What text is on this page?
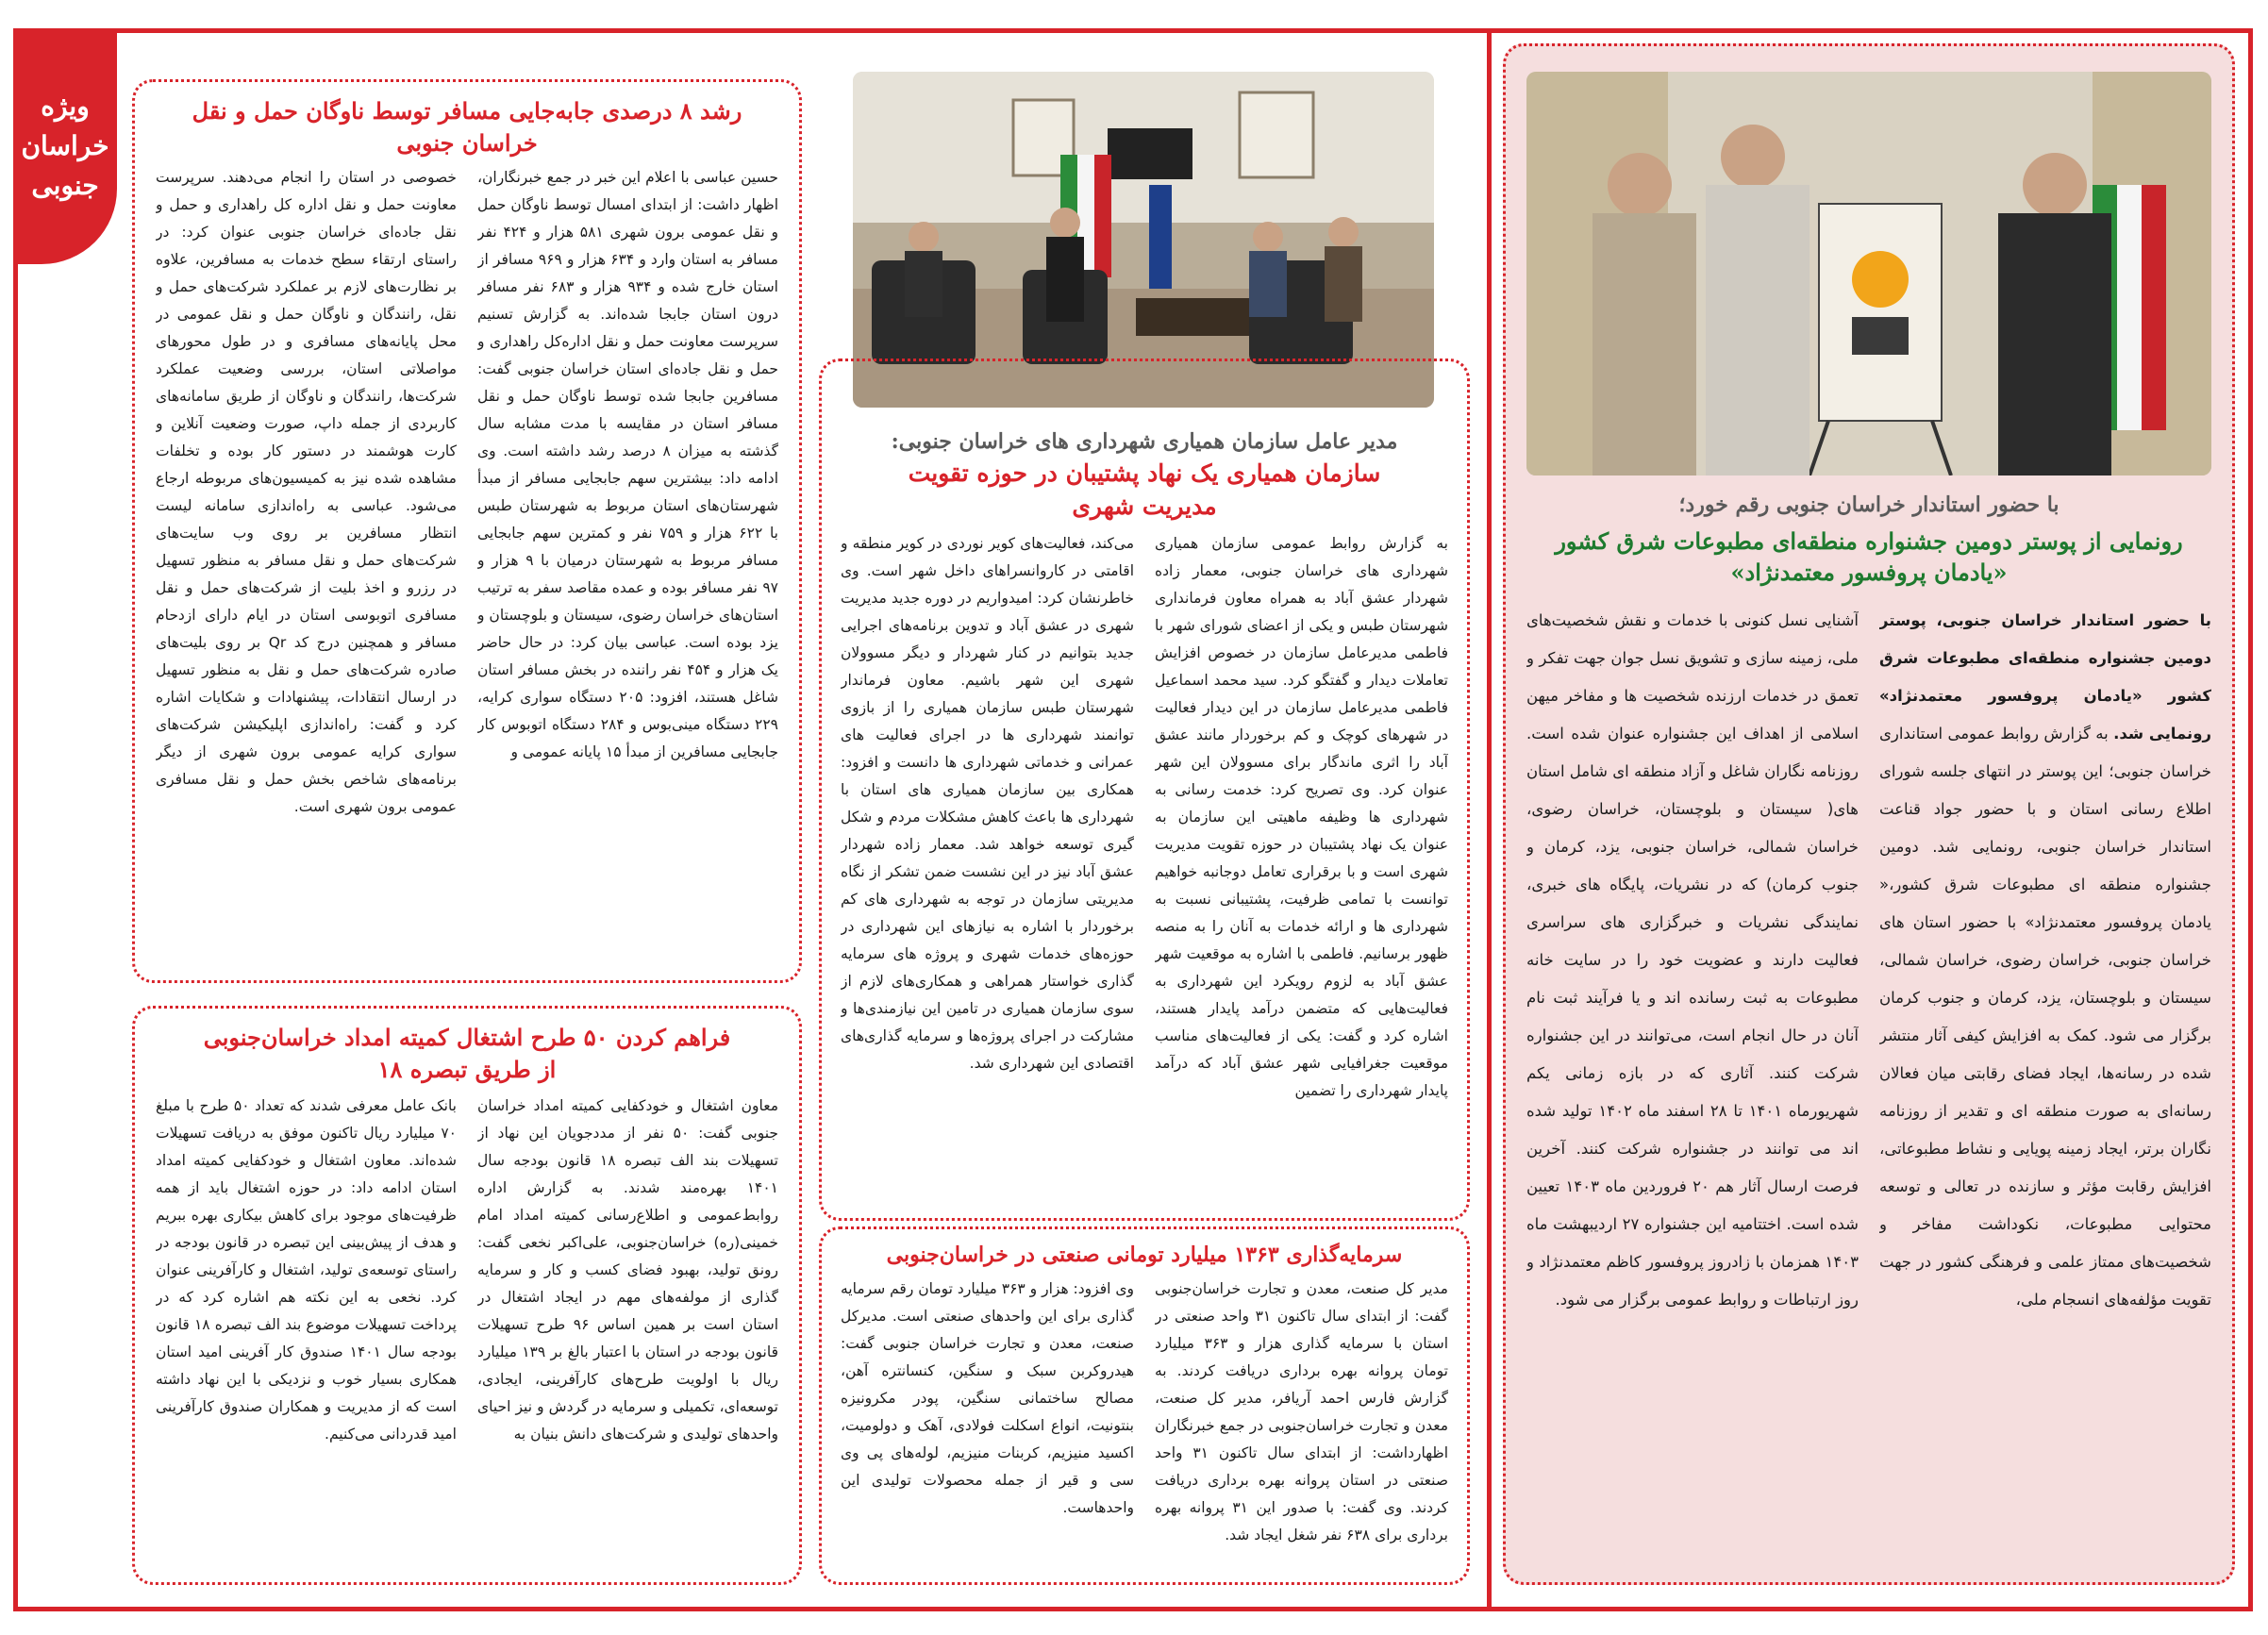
ویژه
خراسان
جنوبی
رشد ۸ درصدی جابه‌جایی مسافر توسط ناوگان حمل و نقل
خراسان جنوبی
حسین عباسی با اعلام این خبر در جمع خبرنگاران، اظهار داشت: از ابتدای امسال توسط ناوگان حمل و نقل عمومی برون شهری ۵۸۱ هزار و ۴۲۴ نفر مسافر به استان وارد و ۶۳۴ هزار و ۹۶۹ مسافر از استان خارج شده و ۹۳۴ هزار و ۶۸۳ نفر مسافر درون استان جابجا شده‌اند. به گزارش تسنیم سرپرست معاونت حمل و نقل اداره‌کل راهداری و حمل و نقل جاده‌ای استان خراسان جنوبی گفت: مسافرین جابجا شده توسط ناوگان حمل و نقل مسافر استان در مقایسه با مدت مشابه سال گذشته به میزان ۸ درصد رشد داشته است. وی ادامه داد: بیشترین سهم جابجایی مسافر از مبدأ شهرستان‌های استان مربوط به شهرستان طبس با ۶۲۲ هزار و ۷۵۹ نفر و کمترین سهم جابجایی مسافر مربوط به شهرستان درمیان با ۹ هزار و ۹۷ نفر مسافر بوده و عمده مقاصد سفر به ترتیب استان‌های خراسان رضوی، سیستان و بلوچستان و یزد بوده است. عباسی بیان کرد: در حال حاضر یک هزار و ۴۵۴ نفر راننده در بخش مسافر استان شاغل هستند، افزود: ۲۰۵ دستگاه سواری کرایه، ۲۲۹ دستگاه مینی‌بوس و ۲۸۴ دستگاه اتوبوس کار جابجایی مسافرین از مبدأ ۱۵ پایانه عمومی و
خصوصی در استان را انجام می‌دهند. سرپرست معاونت حمل و نقل اداره کل راهداری و حمل و نقل جاده‌ای خراسان جنوبی عنوان کرد: در راستای ارتقاء سطح خدمات به مسافرین، علاوه بر نظارت‌های لازم بر عملکرد شرکت‌های حمل و نقل، رانندگان و ناوگان حمل و نقل عمومی در محل پایانه‌های مسافری و در طول محورهای مواصلاتی استان، بررسی وضعیت عملکرد شرکت‌ها، رانندگان و ناوگان از طریق سامانه‌های کاربردی از جمله داپ، صورت وضعیت آنلاین و کارت هوشمند در دستور کار بوده و تخلفات مشاهده شده نیز به کمیسیون‌های مربوطه ارجاع می‌شود. عباسی به راه‌اندازی سامانه لیست انتظار مسافرین بر روی وب سایت‌های شرکت‌های حمل و نقل مسافر به منظور تسهیل در رزرو و اخذ بلیت از شرکت‌های حمل و نقل مسافری اتوبوسی استان در ایام دارای ازدحام مسافر و همچنین درج کد Qr بر روی بلیت‌های صادره شرکت‌های حمل و نقل به منظور تسهیل در ارسال انتقادات، پیشنهادات و شکایات اشاره کرد و گفت: راه‌اندازی اپلیکیشن شرکت‌های سواری کرایه عمومی برون شهری از دیگر برنامه‌های شاخص بخش حمل و نقل مسافری عمومی برون شهری است.
فراهم کردن ۵۰ طرح اشتغال کمیته امداد خراسان‌جنوبی
از طریق تبصره ۱۸
معاون اشتغال و خودکفایی کمیته امداد خراسان جنوبی گفت: ۵۰ نفر از مددجویان این نهاد از تسهیلات بند الف تبصره ۱۸ قانون بودجه سال ۱۴۰۱ بهره‌مند شدند. به گزارش اداره روابط‌عمومی و اطلاع‌رسانی کمیته امداد امام خمینی(ره) خراسان‌جنوبی، علی‌اکبر نخعی گفت: رونق تولید، بهبود فضای کسب و کار و سرمایه گذاری از مولفه‌های مهم در ایجاد اشتغال در استان است بر همین اساس ۹۶ طرح تسهیلات قانون بودجه در استان با اعتبار بالغ بر ۱۳۹ میلیارد ریال با اولویت طرح‌های کارآفرینی، ایجادی، توسعه‌ای، تکمیلی و سرمایه در گردش و نیز احیای واحدهای تولیدی و شرکت‌های دانش بنیان به
بانک عامل معرفی شدند که تعداد ۵۰ طرح با مبلغ ۷۰ میلیارد ریال تاکنون موفق به دریافت تسهیلات شده‌اند. معاون اشتغال و خودکفایی کمیته امداد استان ادامه داد: در حوزه اشتغال باید از همه ظرفیت‌های موجود برای کاهش بیکاری بهره ببریم و هدف از پیش‌بینی این تبصره در قانون بودجه در راستای توسعه‌ی تولید، اشتغال و کارآفرینی عنوان کرد. نخعی به این نکته هم اشاره کرد که در پرداخت تسهیلات موضوع بند الف تبصره ۱۸ قانون بودجه سال ۱۴۰۱ صندوق کار آفرینی امید استان همکاری بسیار خوب و نزدیکی با این نهاد داشته است که از مدیریت و همکاران صندوق کارآفرینی امید قدردانی می‌کنیم.
مدیر عامل سازمان همیاری شهرداری های خراسان جنوبی:
سازمان همیاری یک نهاد پشتیبان در حوزه تقویت
مدیریت شهری
به گزارش روابط عمومی سازمان همیاری شهرداری های خراسان جنوبی، معمار زاده شهردار عشق آباد به همراه معاون فرمانداری شهرستان طبس و یکی از اعضای شورای شهر با فاطمی مدیرعامل سازمان در خصوص افزایش تعاملات دیدار و گفتگو کرد. سید محمد اسماعیل فاطمی مدیرعامل سازمان در این دیدار فعالیت در شهرهای کوچک و کم برخوردار مانند عشق آباد را اثری ماندگار برای مسوولان این شهر عنوان کرد. وی تصریح کرد: خدمت رسانی به شهرداری ها وظیفه ماهیتی این سازمان به عنوان یک نهاد پشتیبان در حوزه تقویت مدیریت شهری است و با برقراری تعامل دوجانبه خواهیم توانست با تمامی ظرفیت، پشتیبانی نسبت به شهرداری ها و ارائه خدمات به آنان را به منصه ظهور برسانیم. فاطمی با اشاره به موقعیت شهر عشق آباد به لزوم رویکرد این شهرداری به فعالیت‌هایی که متضمن درآمد پایدار هستند، اشاره کرد و گفت: یکی از فعالیت‌های مناسب موقعیت جغرافیایی شهر عشق آباد که درآمد پایدار شهرداری را تضمین
می‌کند، فعالیت‌های کویر نوردی در کویر منطقه و اقامتی در کاروانسراهای داخل شهر است. وی خاطرنشان کرد: امیدواریم در دوره جدید مدیریت شهری در عشق آباد و تدوین برنامه‌های اجرایی جدید بتوانیم در کنار شهردار و دیگر مسوولان شهری این شهر باشیم. معاون فرماندار شهرستان طبس سازمان همیاری را از بازوی توانمند شهرداری ها در اجرای فعالیت های عمرانی و خدماتی شهرداری ها دانست و افزود: همکاری بین سازمان همیاری های استان با شهرداری ها باعث کاهش مشکلات مردم و شکل گیری توسعه خواهد شد. معمار زاده شهردار عشق آباد نیز در این نشست ضمن تشکر از نگاه مدیریتی سازمان در توجه به شهرداری های کم برخوردار با اشاره به نیازهای این شهرداری در حوزه‌های خدمات شهری و پروژه های سرمایه گذاری خواستار همراهی و همکاری‌های لازم از سوی سازمان همیاری در تامین این نیازمندی‌ها و مشارکت در اجرای پروژه‌ها و سرمایه گذاری‌های اقتصادی این شهرداری شد.
سرمایه‌گذاری ۱۳۶۳ میلیارد تومانی صنعتی در خراسان‌جنوبی
مدیر کل صنعت، معدن و تجارت خراسان‌جنوبی گفت: از ابتدای سال تاکنون ۳۱ واحد صنعتی در استان با سرمایه گذاری هزار و ۳۶۳ میلیارد تومان پروانه بهره برداری دریافت کردند. به گزارش فارس احمد آریافر، مدیر کل صنعت، معدن و تجارت خراسان‌جنوبی در جمع خبرنگاران اظهارداشت: از ابتدای سال تاکنون ۳۱ واحد صنعتی در استان پروانه بهره برداری دریافت کردند. وی گفت: با صدور این ۳۱ پروانه بهره برداری برای ۶۳۸ نفر شغل ایجاد شد.
وی افزود: هزار و ۳۶۳ میلیارد تومان رقم سرمایه گذاری برای این واحدهای صنعتی است. مدیرکل صنعت، معدن و تجارت خراسان جنوبی گفت: هیدروکربن سبک و سنگین، کنسانتره آهن، مصالح ساختمانی سنگین، پودر مکرونیزه بنتونیت، انواع اسکلت فولادی، آهک و دولومیت، اکسید منیزیم، کربنات منیزیم، لوله‌های پی وی سی و قیر از جمله محصولات تولیدی این واحدهاست.
با حضور استاندار خراسان جنوبی رقم خورد؛
رونمایی از پوستر دومین جشنواره منطقه‌ای مطبوعات شرق کشور
«یادمان پروفسور معتمدنژاد»
با حضور استاندار خراسان جنوبی، پوستر دومین جشنواره منطقه‌ای مطبوعات شرق کشور «یادمان پروفسور معتمدنژاد» رونمایی شد. به گزارش روابط عمومی استانداری خراسان جنوبی؛ این پوستر در انتهای جلسه شورای اطلاع رسانی استان و با حضور جواد قناعت استاندار خراسان جنوبی، رونمایی شد. دومین جشنواره منطقه ای مطبوعات شرق کشور،« یادمان پروفسور معتمدنژاد» با حضور استان های خراسان جنوبی، خراسان رضوی، خراسان شمالی، سیستان و بلوچستان، یزد، کرمان و جنوب کرمان برگزار می شود. کمک به افزایش کیفی آثار منتشر شده در رسانه‌ها، ایجاد فضای رقابتی میان فعالان رسانه‌ای به صورت منطقه ای و تقدیر از روزنامه نگاران برتر، ایجاد زمینه پویایی و نشاط مطبوعاتی، افزایش رقابت مؤثر و سازنده در تعالی و توسعه محتوایی مطبوعات، نکوداشت مفاخر و شخصیت‌های ممتاز علمی و فرهنگی کشور در جهت تقویت مؤلفه‌های انسجام ملی،
آشنایی نسل کنونی با خدمات و نقش شخصیت‌های ملی، زمینه سازی و تشویق نسل جوان جهت تفکر و تعمق در خدمات ارزنده شخصیت ها و مفاخر میهن اسلامی از اهداف این جشنواره عنوان شده است. روزنامه نگاران شاغل و آزاد منطقه ای شامل استان های( سیستان و بلوچستان، خراسان رضوی، خراسان شمالی، خراسان جنوبی، یزد، کرمان و جنوب کرمان) که در نشریات، پایگاه های خبری، نمایندگی نشریات و خبرگزاری های سراسری فعالیت دارند و عضویت خود را در سایت خانه مطبوعات به ثبت رسانده اند و یا فرآیند ثبت نام آنان در حال انجام است، می‌توانند در این جشنواره شرکت کنند. آثاری که در بازه زمانی یکم شهریورماه ۱۴۰۱ تا ۲۸ اسفند ماه ۱۴۰۲ تولید شده اند می توانند در جشنواره شرکت کنند. آخرین فرصت ارسال آثار هم ۲۰ فروردین ماه ۱۴۰۳ تعیین شده است. اختتامیه این جشنواره ۲۷ اردیبهشت ماه ۱۴۰۳ همزمان با زادروز پروفسور کاظم معتمدنژاد و روز ارتباطات و روابط عمومی برگزار می شود.
